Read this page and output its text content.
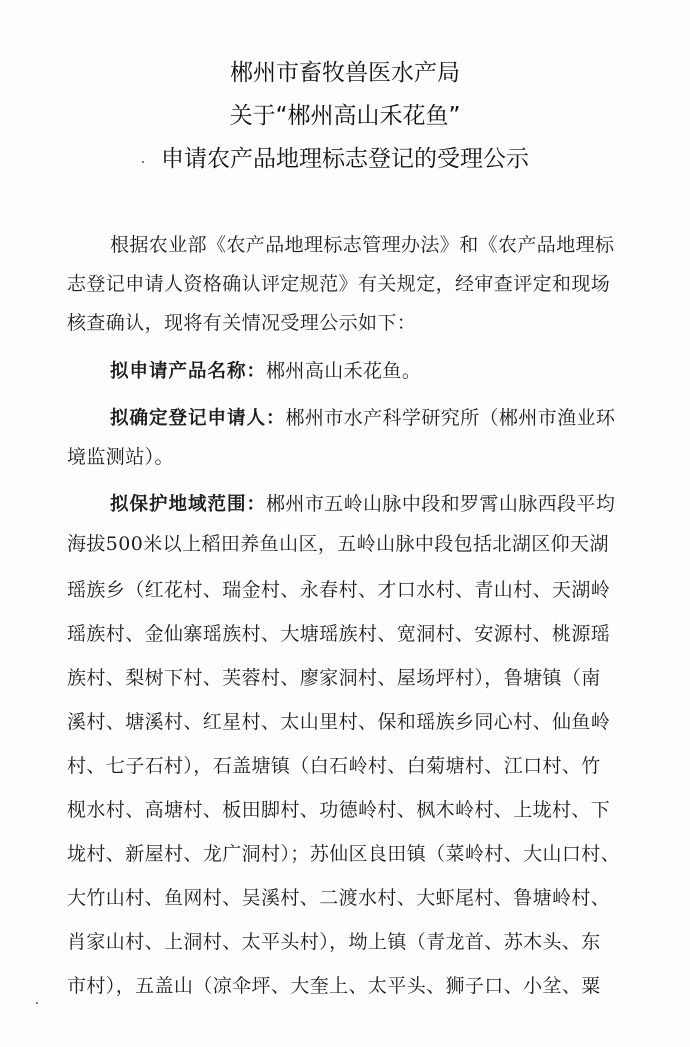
郴州市畜牧兽医水产局
关于“郴州高山禾花鱼”
申请农产品地理标志登记的受理公示
根据农业部《农产品地理标志管理办法》和《农产品地理标
志登记申请人资格确认评定规范》有关规定，经审查评定和现场
核查确认，现将有关情况受理公示如下：
拟申请产品名称：郴州高山禾花鱼。
拟确定登记申请人：郴州市水产科学研究所（郴州市渔业环
境监测站）。
拟保护地域范围：郴州市五岭山脉中段和罗霄山脉西段平均
海拔500米以上稻田养鱼山区，五岭山脉中段包括北湖区仰天湖
瑶族乡（红花村、瑞金村、永春村、才口水村、青山村、天湖岭
瑶族村、金仙寨瑶族村、大塘瑶族村、宽洞村、安源村、桃源瑶
族村、梨树下村、芙蓉村、廖家洞村、屋场坪村），鲁塘镇（南
溪村、塘溪村、红星村、太山里村、保和瑶族乡同心村、仙鱼岭
村、七子石村），石盖塘镇（白石岭村、白菊塘村、江口村、竹
枧水村、高塘村、板田脚村、功德岭村、枫木岭村、上垅村、下
垅村、新屋村、龙广洞村）；苏仙区良田镇（菜岭村、大山口村、
大竹山村、鱼网村、吴溪村、二渡水村、大虾尾村、鲁塘岭村、
肖家山村、上洞村、太平头村），坳上镇（青龙首、苏木头、东
市村），五盖山（凉伞坪、大奎上、太平头、狮子口、小坌、粟
